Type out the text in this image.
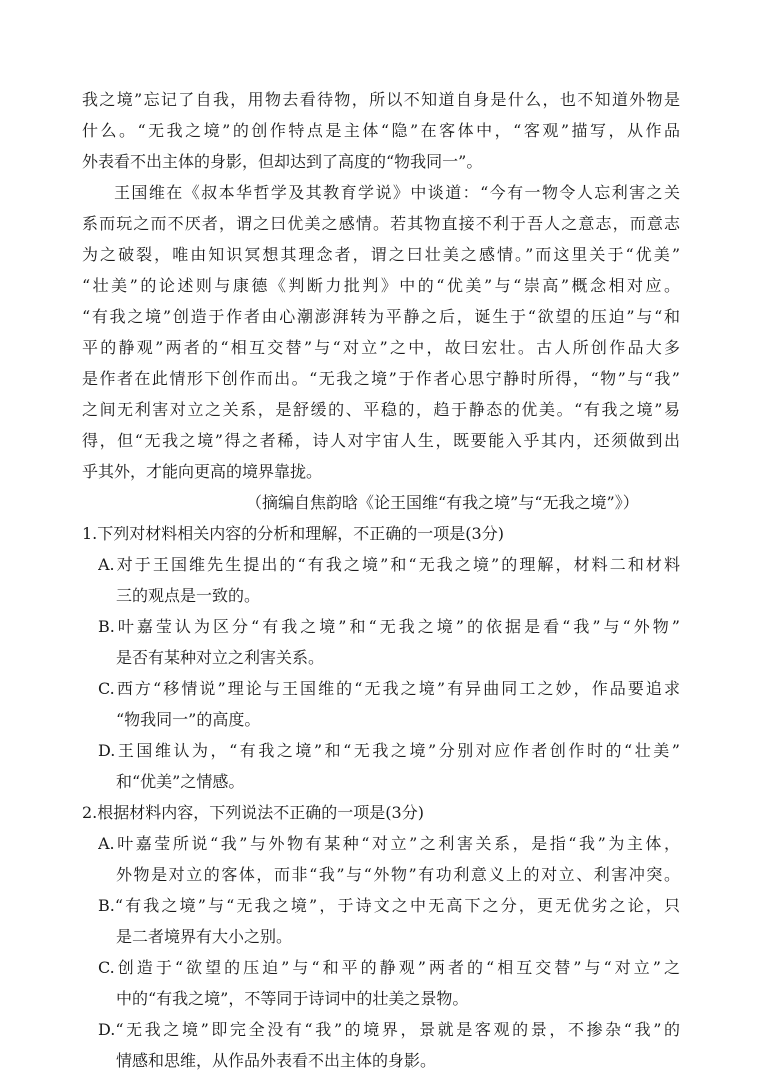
我之境”忘记了自我，用物去看待物，所以不知道自身是什么，也不知道外物是
什么。“无我之境”的创作特点是主体“隐”在客体中，“客观”描写，从作品
外表看不出主体的身影，但却达到了高度的“物我同一”。
王国维在《叔本华哲学及其教育学说》中谈道：“今有一物令人忘利害之关
系而玩之而不厌者，谓之曰优美之感情。若其物直接不利于吾人之意志，而意志
为之破裂，唯由知识冥想其理念者，谓之曰壮美之感情。”而这里关于“优美”
“壮美”的论述则与康德《判断力批判》中的“优美”与“崇高”概念相对应。
“有我之境”创造于作者由心潮澎湃转为平静之后，诞生于“欲望的压迫”与“和
平的静观”两者的“相互交替”与“对立”之中，故曰宏壮。古人所创作品大多
是作者在此情形下创作而出。“无我之境”于作者心思宁静时所得，“物”与“我”
之间无利害对立之关系，是舒缓的、平稳的，趋于静态的优美。“有我之境”易
得，但“无我之境”得之者稀，诗人对宇宙人生，既要能入乎其内，还须做到出
乎其外，才能向更高的境界靠拢。
（摘编自焦韵晗《论王国维“有我之境”与“无我之境”》）
1.下列对材料相关内容的分析和理解，不正确的一项是(3分)
A.对于王国维先生提出的“有我之境”和“无我之境”的理解，材料二和材料
三的观点是一致的。
B.叶嘉莹认为区分“有我之境”和“无我之境”的依据是看“我”与“外物”
是否有某种对立之利害关系。
C.西方“移情说”理论与王国维的“无我之境”有异曲同工之妙，作品要追求
“物我同一”的高度。
D.王国维认为，“有我之境”和“无我之境”分别对应作者创作时的“壮美”
和“优美”之情感。
2.根据材料内容，下列说法不正确的一项是(3分)
A.叶嘉莹所说“我”与外物有某种“对立”之利害关系，是指“我”为主体，
外物是对立的客体，而非“我”与“外物”有功利意义上的对立、利害冲突。
B.“有我之境”与“无我之境”，于诗文之中无高下之分，更无优劣之论，只
是二者境界有大小之别。
C.创造于“欲望的压迫”与“和平的静观”两者的“相互交替”与“对立”之
中的“有我之境”，不等同于诗词中的壮美之景物。
D.“无我之境”即完全没有“我”的境界，景就是客观的景，不掺杂“我”的
情感和思维，从作品外表看不出主体的身影。
